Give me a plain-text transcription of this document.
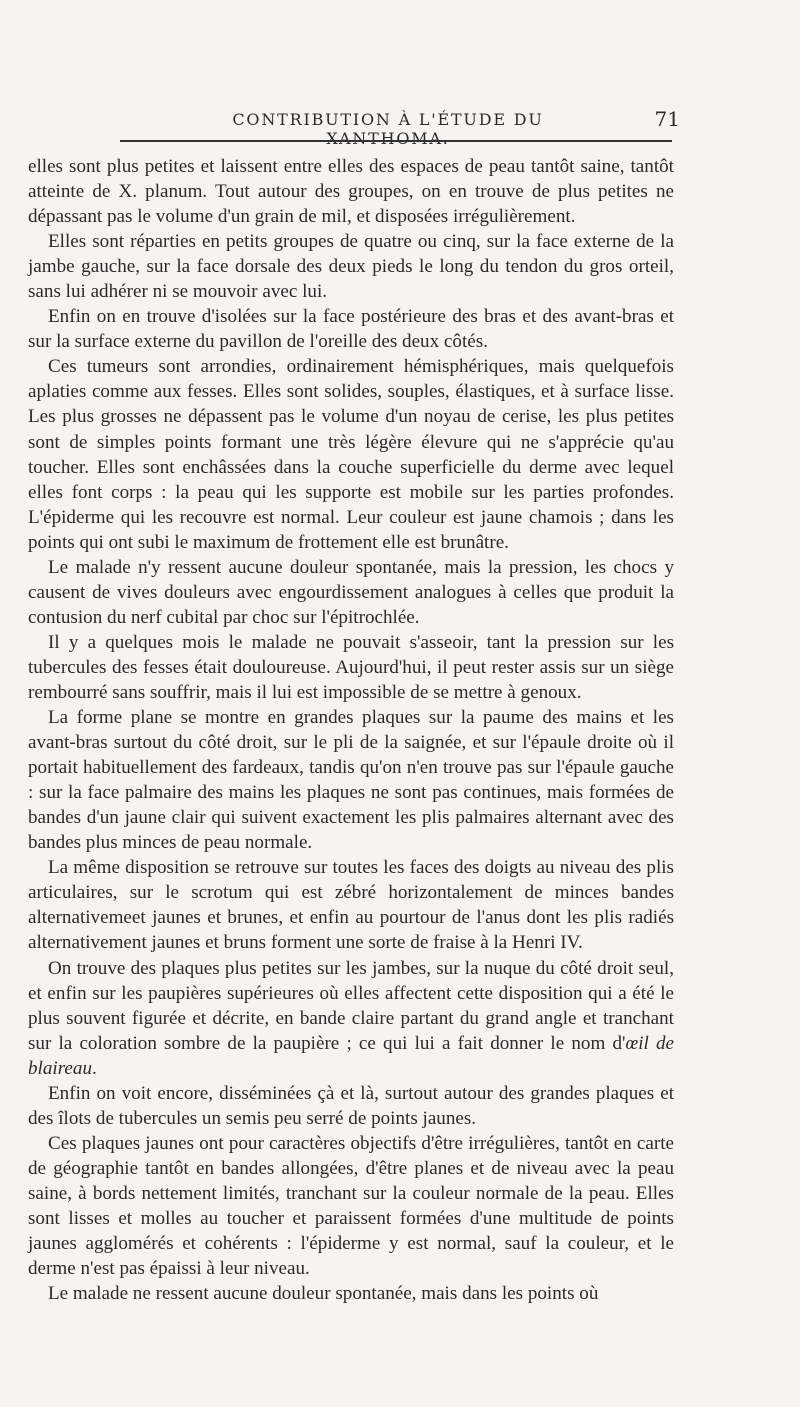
CONTRIBUTION À L'ÉTUDE DU XANTHOMA.
71

elles sont plus petites et laissent entre elles des espaces de peau tantôt saine, tantôt atteinte de X. planum. Tout autour des groupes, on en trouve de plus petites ne dépassant pas le volume d'un grain de mil, et disposées irrégulièrement.

Elles sont réparties en petits groupes de quatre ou cinq, sur la face externe de la jambe gauche, sur la face dorsale des deux pieds le long du tendon du gros orteil, sans lui adhérer ni se mouvoir avec lui.

Enfin on en trouve d'isolées sur la face postérieure des bras et des avant-bras et sur la surface externe du pavillon de l'oreille des deux côtés.

Ces tumeurs sont arrondies, ordinairement hémisphériques, mais quelquefois aplaties comme aux fesses. Elles sont solides, souples, élastiques, et à surface lisse. Les plus grosses ne dépassent pas le volume d'un noyau de cerise, les plus petites sont de simples points formant une très légère élevure qui ne s'apprécie qu'au toucher. Elles sont enchâssées dans la couche superficielle du derme avec lequel elles font corps : la peau qui les supporte est mobile sur les parties profondes. L'épiderme qui les recouvre est normal. Leur couleur est jaune chamois ; dans les points qui ont subi le maximum de frottement elle est brunâtre.

Le malade n'y ressent aucune douleur spontanée, mais la pression, les chocs y causent de vives douleurs avec engourdissement analogues à celles que produit la contusion du nerf cubital par choc sur l'épitrochlée.

Il y a quelques mois le malade ne pouvait s'asseoir, tant la pression sur les tubercules des fesses était douloureuse. Aujourd'hui, il peut rester assis sur un siège rembourré sans souffrir, mais il lui est impossible de se mettre à genoux.

La forme plane se montre en grandes plaques sur la paume des mains et les avant-bras surtout du côté droit, sur le pli de la saignée, et sur l'épaule droite où il portait habituellement des fardeaux, tandis qu'on n'en trouve pas sur l'épaule gauche : sur la face palmaire des mains les plaques ne sont pas continues, mais formées de bandes d'un jaune clair qui suivent exactement les plis palmaires alternant avec des bandes plus minces de peau normale.

La même disposition se retrouve sur toutes les faces des doigts au niveau des plis articulaires, sur le scrotum qui est zébré horizontalement de minces bandes alternativemeet jaunes et brunes, et enfin au pourtour de l'anus dont les plis radiés alternativement jaunes et bruns forment une sorte de fraise à la Henri IV.

On trouve des plaques plus petites sur les jambes, sur la nuque du côté droit seul, et enfin sur les paupières supérieures où elles affectent cette disposition qui a été le plus souvent figurée et décrite, en bande claire partant du grand angle et tranchant sur la coloration sombre de la paupière ; ce qui lui a fait donner le nom d'œil de blaireau.

Enfin on voit encore, disséminées çà et là, surtout autour des grandes plaques et des îlots de tubercules un semis peu serré de points jaunes.

Ces plaques jaunes ont pour caractères objectifs d'être irrégulières, tantôt en carte de géographie tantôt en bandes allongées, d'être planes et de niveau avec la peau saine, à bords nettement limités, tranchant sur la couleur normale de la peau. Elles sont lisses et molles au toucher et paraissent formées d'une multitude de points jaunes agglomérés et cohérents : l'épiderme y est normal, sauf la couleur, et le derme n'est pas épaissi à leur niveau.

Le malade ne ressent aucune douleur spontanée, mais dans les points où
